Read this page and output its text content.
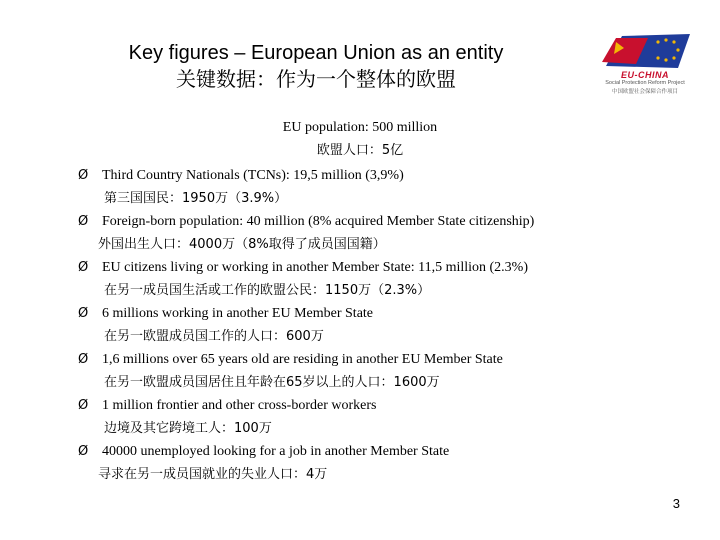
Key figures – European Union as an entity
关键数据：作为一个整体的欧盟	EU-CHINA
Social Protection Reform Project
中国欧盟社会保障合作项目
EU population: 500 million
欧盟人口：5亿
Ø Third Country Nationals (TCNs): 19,5 million (3,9%)
第三国国民：1950万（3.9%）
Ø Foreign-born population: 40 million (8% acquired Member State citizenship)
外国出生人口：4000万（8%取得了成员国国籍）
Ø EU citizens living or working in another Member State: 11,5 million (2.3%)
在另一成员国生活或工作的欧盟公民：1150万（2.3%）
Ø 6 millions working in another EU Member State
在另一欧盟成员国工作的人口：600万
Ø 1,6 millions over 65 years old are residing in another EU Member State
在另一欧盟成员国居住且年龄在65岁以上的人口：1600万
Ø 1 million frontier and other cross-border workers
边境及其它跨境工人：100万
Ø 40000 unemployed looking for a job in another Member State
寻求在另一成员国就业的失业人口：4万
3
